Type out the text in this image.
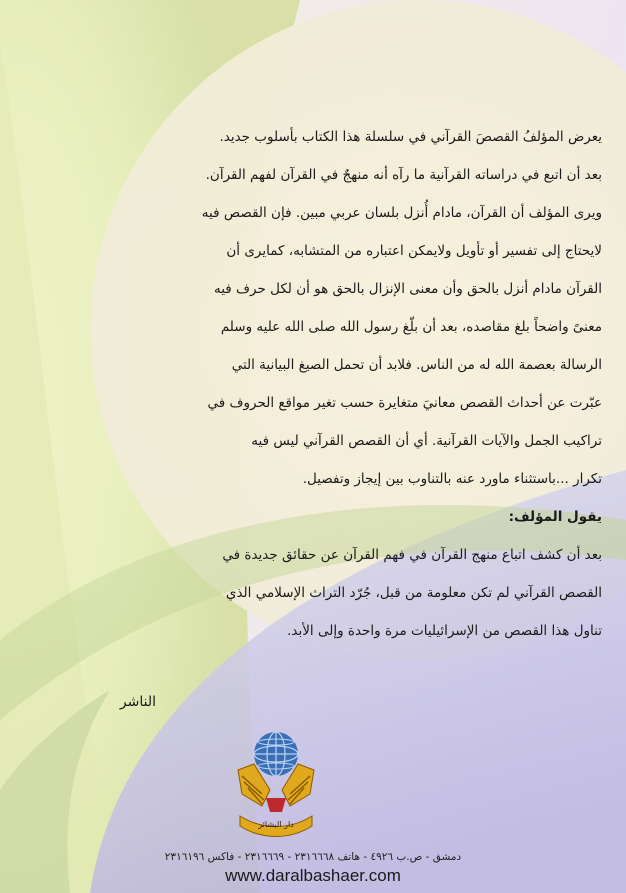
يعرض المؤلفُ القصصَ القرآني في سلسلة هذا الكتاب بأسلوب جديد.
بعد أن اتبع في دراساته القرآنية ما رآه أنه منهجٌ في القرآن لفهم القرآن.
ويرى المؤلف أن القرآن، مادام أُنزل بلسان عربي مبين. فإن القصص فيه
لايحتاج إلى تفسير أو تأويل ولايمكن اعتباره من المتشابه، كمايرى أن
القرآن مادام أنزل بالحق وأن معنى الإنزال بالحق هو أن لكل حرف فيه
معنىً واضحاً بلغ مقاصده، بعد أن بلّغ رسول الله صلى الله عليه وسلم
الرسالة بعصمة الله له من الناس. فلابد أن تحمل الصيغ البيانية التي
عبّرت عن أحداث القصص معانيَ متغايرة حسب تغير مواقع الحروف في
تراكيب الجمل والآيات القرآنية. أي أن القصص القرآني ليس فيه
تكرار ...باستثناء ماورد عنه بالتناوب بين إيجاز وتفصيل.
يقول المؤلف:
بعد أن كشف اتباع منهج القرآن في فهم القرآن عن حقائق جديدة في
القصص القرآني لم تكن معلومة من قبل، جُرّد التراث الإسلامي الذي
تناول هذا القصص من الإسرائيليات مرة واحدة وإلى الأبد.
الناشر
دار البشائر
دمشق - ص.ب ٤٩٢٦ - هاتف ٢٣١٦٦٦٨ - ٢٣١٦٦٦٩ - فاكس ٢٣١٦١٩٦
www.daralbashaer.com
